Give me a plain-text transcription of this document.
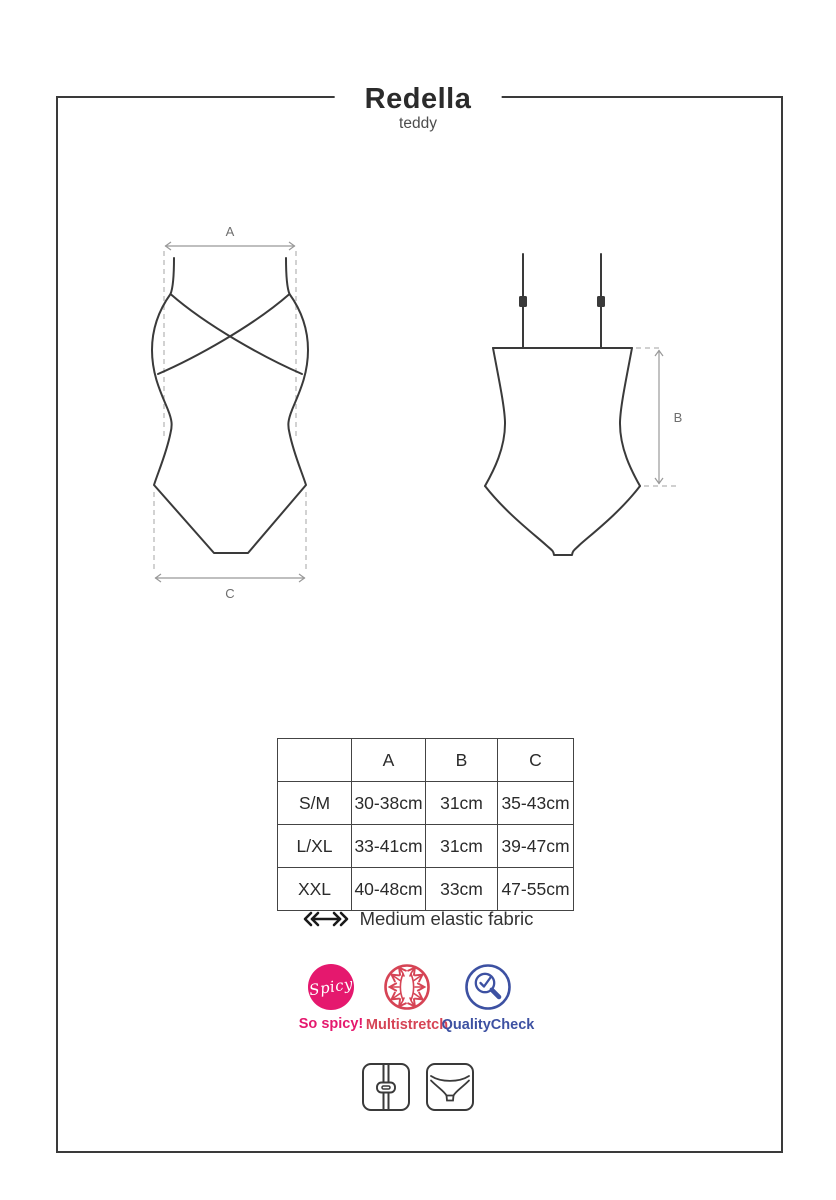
Redella
teddy
A
C
B
	A	B	C
S/M	30-38cm	31cm	35-43cm
L/XL	33-41cm	31cm	39-47cm
XXL	40-48cm	33cm	47-55cm
Medium elastic fabric
Spicy
So spicy! Multistretch
QualityCheck
